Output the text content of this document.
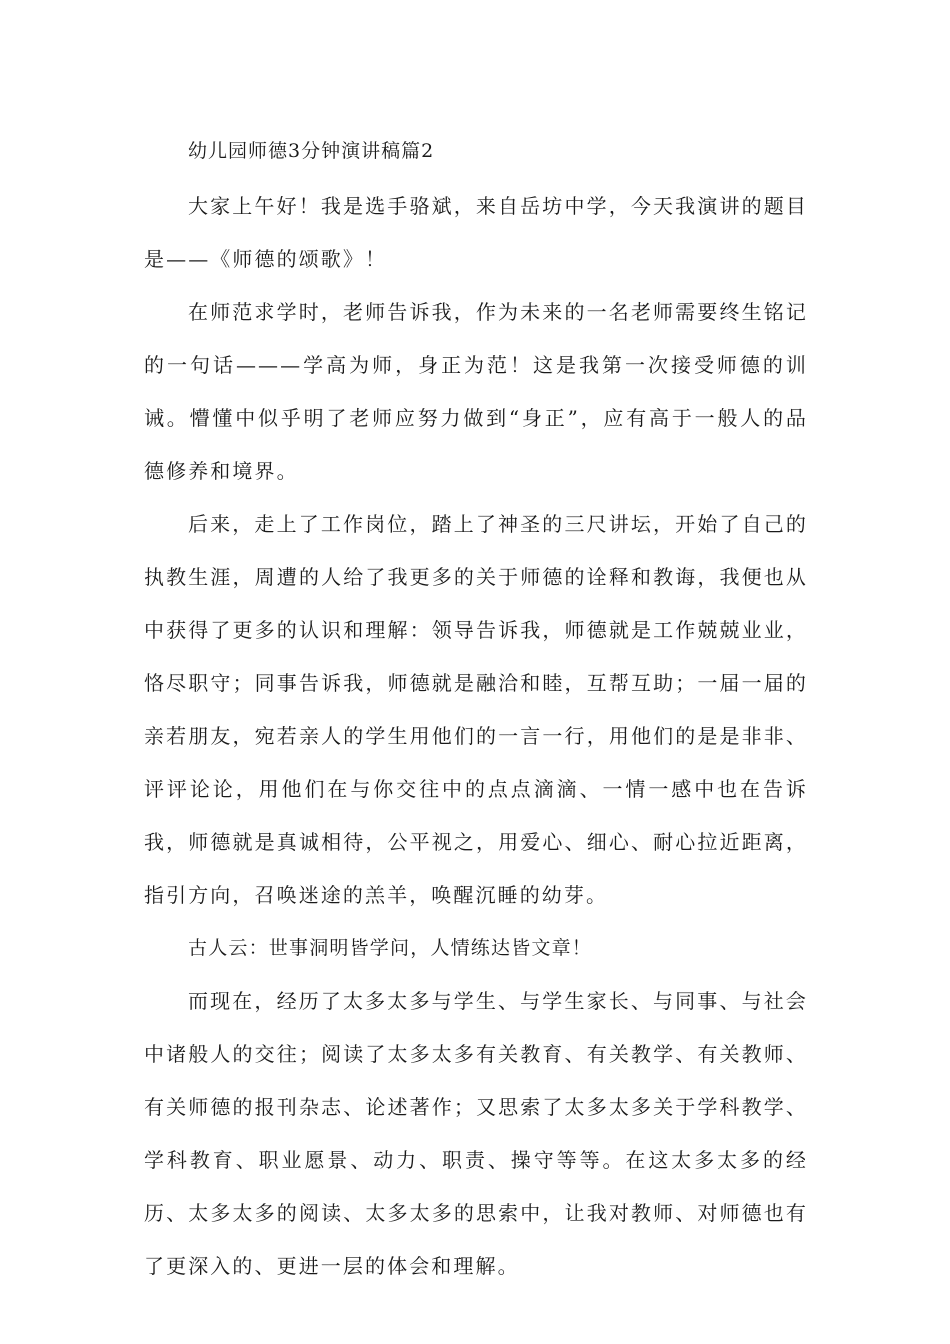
幼儿园师德3分钟演讲稿篇2

大家上午好！我是选手骆斌，来自岳坊中学，今天我演讲的题目是——《师德的颂歌》！

在师范求学时，老师告诉我，作为未来的一名老师需要终生铭记的一句话———学高为师，身正为范！这是我第一次接受师德的训诫。懵懂中似乎明了老师应努力做到“身正”，应有高于一般人的品德修养和境界。

后来，走上了工作岗位，踏上了神圣的三尺讲坛，开始了自己的执教生涯，周遭的人给了我更多的关于师德的诠释和教诲，我便也从中获得了更多的认识和理解：领导告诉我，师德就是工作兢兢业业，恪尽职守；同事告诉我，师德就是融洽和睦，互帮互助；一届一届的亲若朋友，宛若亲人的学生用他们的一言一行，用他们的是是非非、评评论论，用他们在与你交往中的点点滴滴、一情一感中也在告诉我，师德就是真诚相待，公平视之，用爱心、细心、耐心拉近距离，指引方向，召唤迷途的羔羊，唤醒沉睡的幼芽。

古人云：世事洞明皆学问，人情练达皆文章！

而现在，经历了太多太多与学生、与学生家长、与同事、与社会中诸般人的交往；阅读了太多太多有关教育、有关教学、有关教师、有关师德的报刊杂志、论述著作；又思索了太多太多关于学科教学、学科教育、职业愿景、动力、职责、操守等等。在这太多太多的经历、太多太多的阅读、太多太多的思索中，让我对教师、对师德也有了更深入的、更进一层的体会和理解。
